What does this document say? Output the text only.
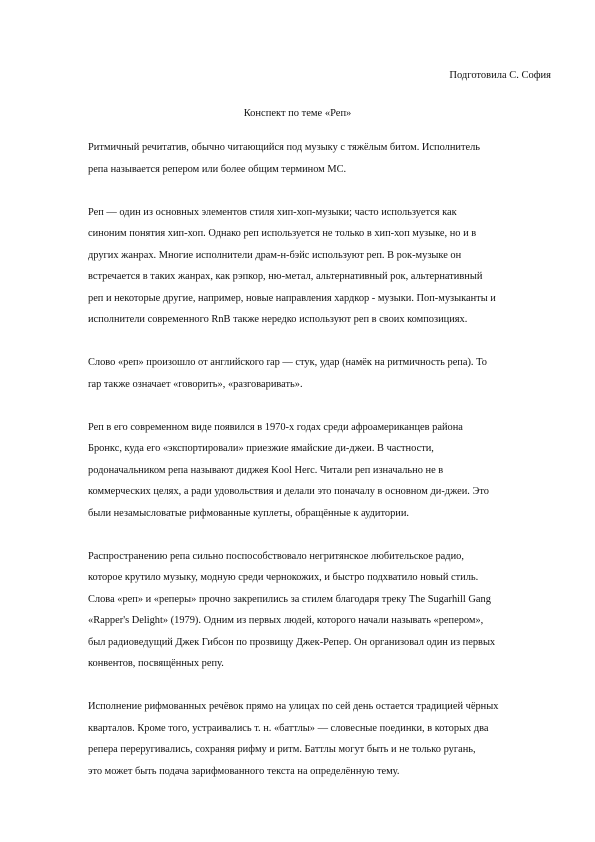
Подготовила С. София
Конспект по теме «Реп»

Ритмичный речитатив, обычно читающийся под музыку с тяжёлым битом. Исполнитель
репа называется репером или более общим термином MC.

Реп — один из основных элементов стиля хип-хоп-музыки; часто используется как
синоним понятия хип-хоп. Однако реп используется не только в хип-хоп музыке, но и в
других жанрах. Многие исполнители драм-н-бэйс используют реп. В рок-музыке он
встречается в таких жанрах, как рэпкор, ню-метал, альтернативный рок, альтернативный
реп и некоторые другие, например, новые направления хардкор - музыки. Поп-музыканты и
исполнители современного RnB также нередко используют реп в своих композициях.

Слово «реп» произошло от английского rap — стук, удар (намёк на ритмичность репа). То
rap также означает «говорить», «разговаривать».

Реп в его современном виде появился в 1970-х годах среди афроамериканцев района
Бронкс, куда его «экспортировали» приезжие ямайские ди-джеи. В частности,
родоначальником репа называют диджея Kool Herc. Читали реп изначально не в
коммерческих целях, а ради удовольствия и делали это поначалу в основном ди-джеи. Это
были незамысловатые рифмованные куплеты, обращённые к аудитории.

Распространению репа сильно поспособствовало негритянское любительское радио,
которое крутило музыку, модную среди чернокожих, и быстро подхватило новый стиль.
Слова «реп» и «реперы» прочно закрепились за стилем благодаря треку The Sugarhill Gang
«Rapper's Delight» (1979). Одним из первых людей, которого начали называть «репером»,
был радиоведущий Джек Гибсон по прозвищу Джек-Репер. Он организовал один из первых
конвентов, посвящённых репу.

Исполнение рифмованных речёвок прямо на улицах по сей день остается традицией чёрных
кварталов. Кроме того, устраивались т. н. «баттлы» — словесные поединки, в которых два
репера переругивались, сохраняя рифму и ритм. Баттлы могут быть и не только ругань,
это может быть подача зарифмованного текста на определённую тему.
